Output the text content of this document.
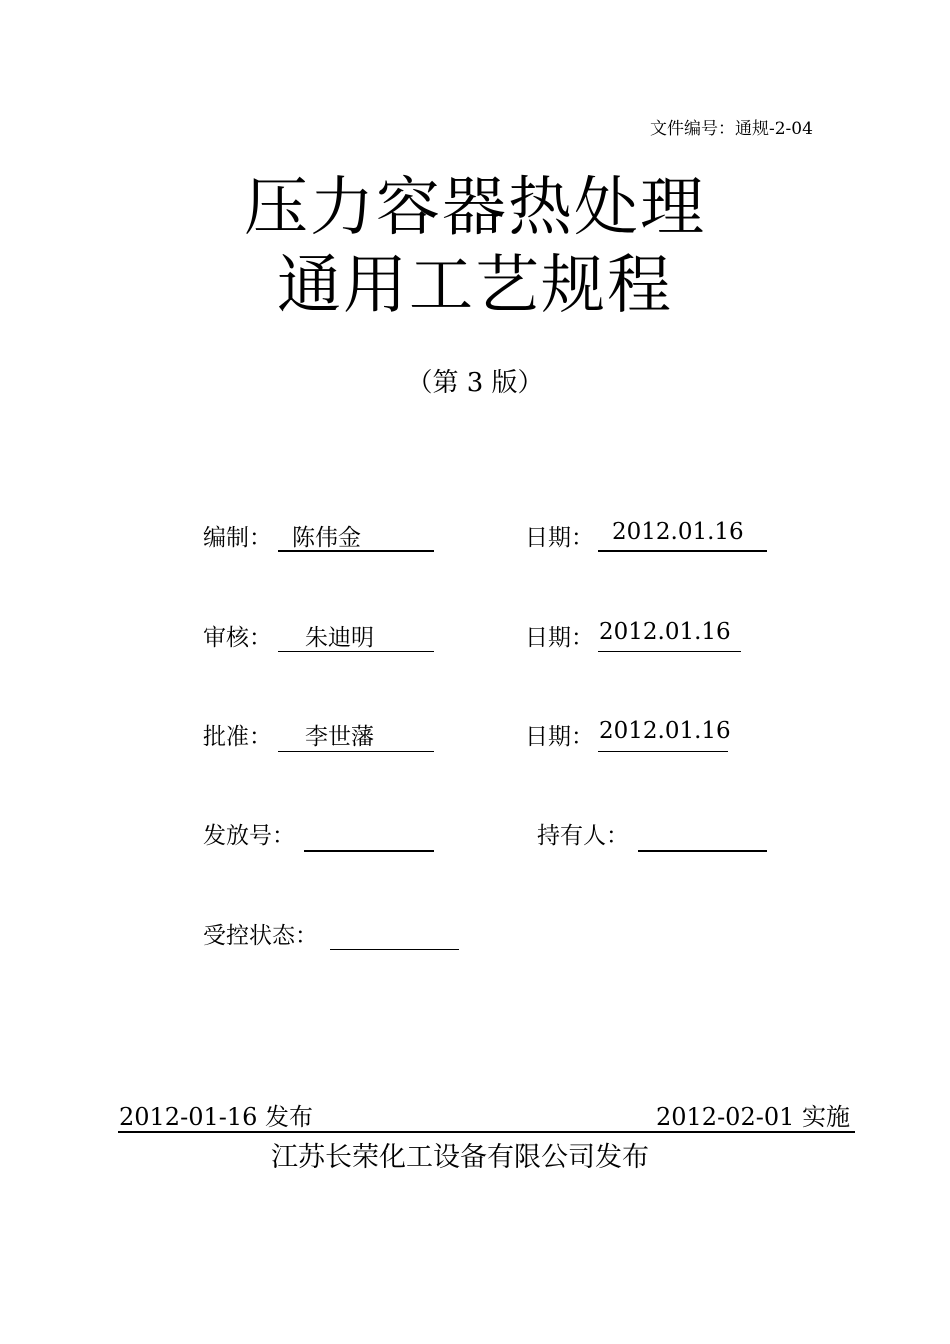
文件编号：通规-2-04
压力容器热处理
通用工艺规程
（第 3 版）
编制： 陈伟金	日期： 2012.01.16
审核： 朱迪明	日期： 2012.01.16
批准： 李世藩	日期： 2012.01.16
发放号：	持有人：
受控状态：
2012-01-16 发布	2012-02-01 实施
江苏长荣化工设备有限公司发布
